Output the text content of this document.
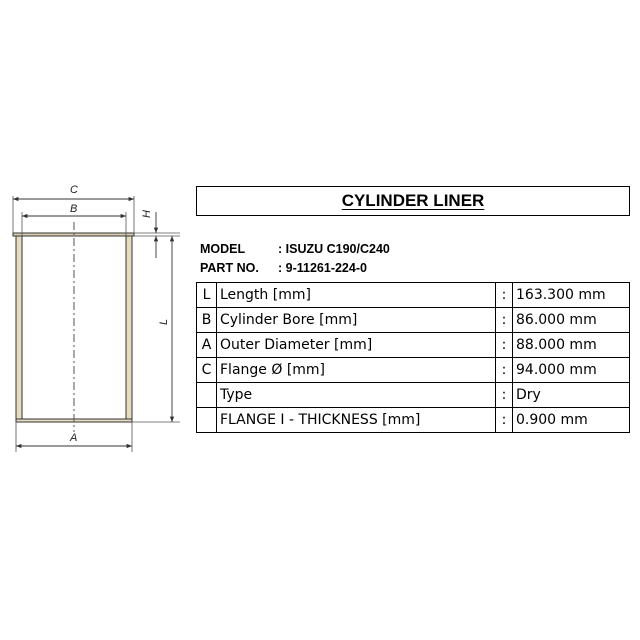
C
B	H
L
A
CYLINDER LINER
MODEL	: ISUZU C190/C240
PART NO. : 9-11261-224-0
L	Length [mm]	:	163.300 mm
B	Cylinder Bore [mm]	:	86.000 mm
A	Outer Diameter [mm]	:	88.000 mm
C	Flange Ø [mm]	:	94.000 mm
	Type	:	Dry
	FLANGE I - THICKNESS [mm]	:	0.900 mm
